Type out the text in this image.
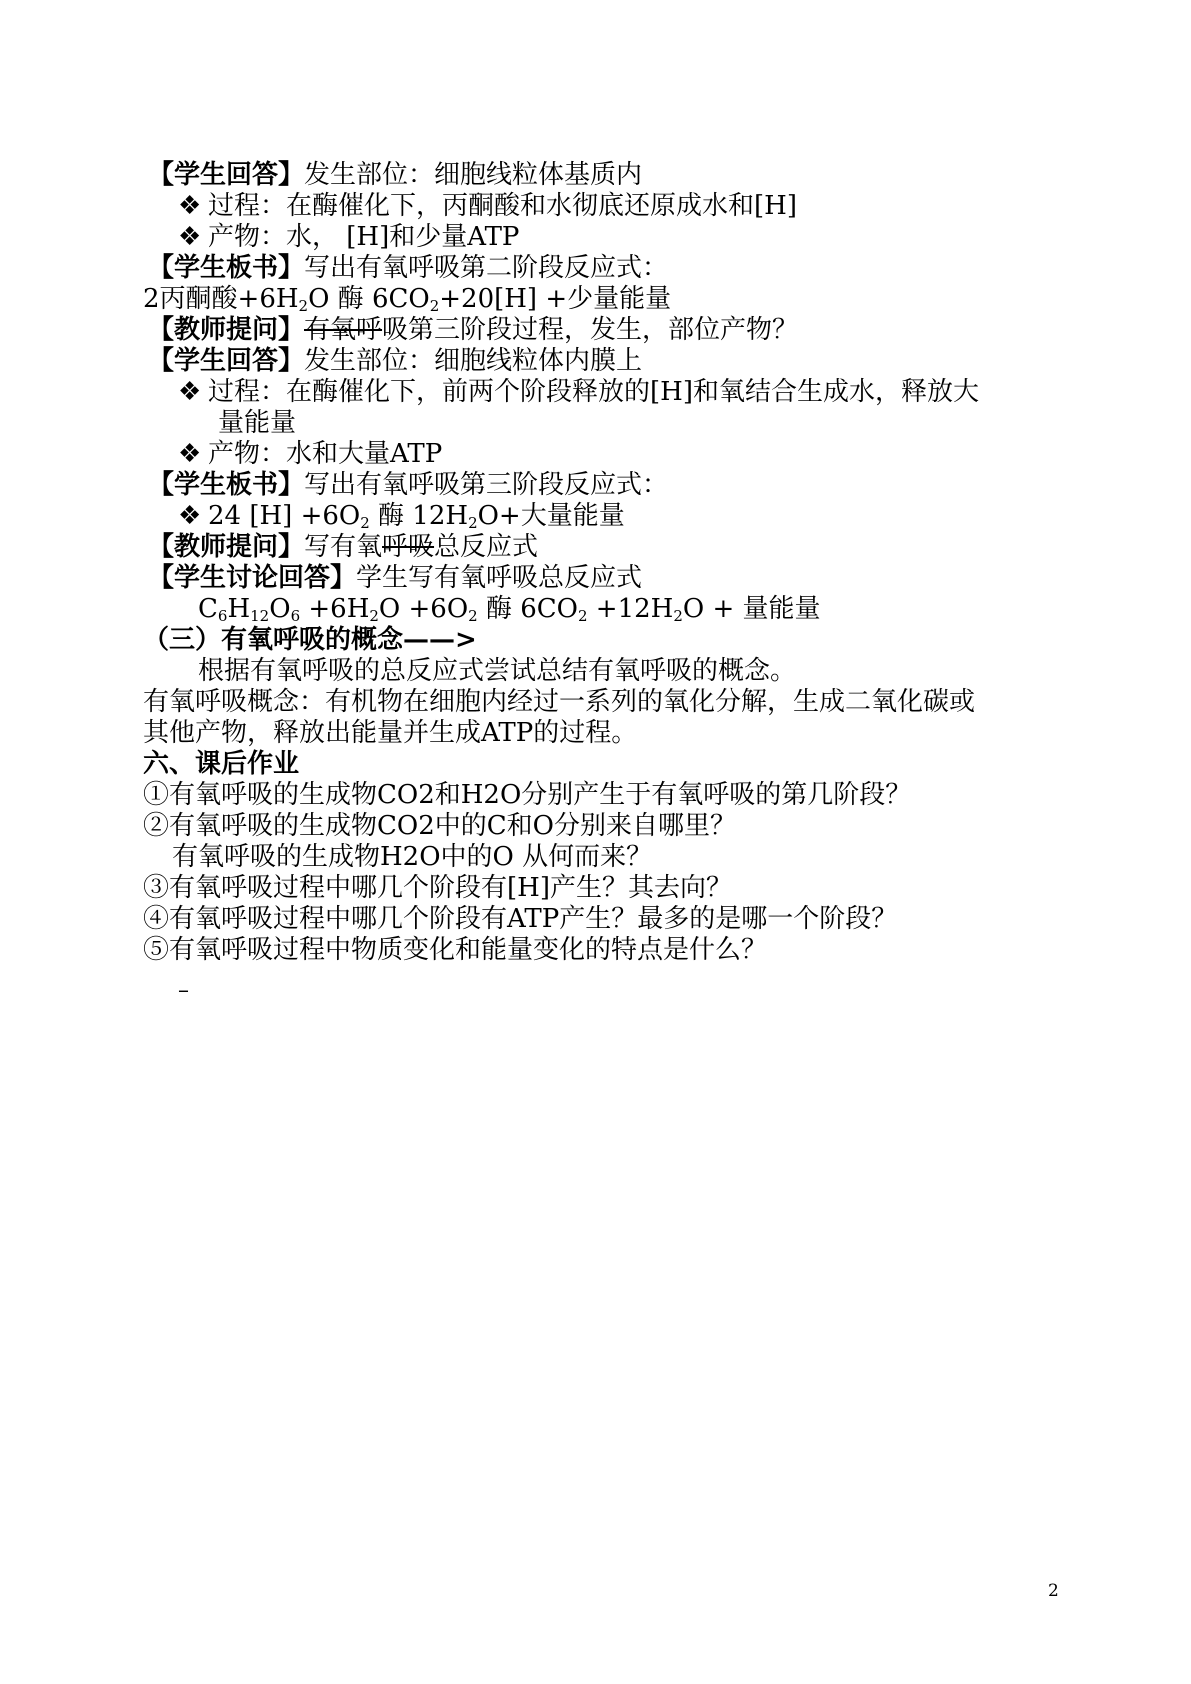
【学生回答】发生部位：细胞线粒体基质内
❖ 过程：在酶催化下，丙酮酸和水彻底还原成水和[H]
❖ 产物：水， [H]和少量ATP
【学生板书】写出有氧呼吸第二阶段反应式：
2丙酮酸$+6H_2O$ 酶 $6CO_2+20[H]$ +少量能量
【教师提问】有氧呼吸第三阶段过程，发生，部位产物？
【学生回答】发生部位：细胞线粒体内膜上
❖ 过程：在酶催化下，前两个阶段释放的[H]和氧结合生成水，释放大
量能量
❖ 产物：水和大量ATP
【学生板书】写出有氧呼吸第三阶段反应式：
❖ 24 $[H] +6O_2$ 酶 $12H_2O+$大量能量
【教师提问】写有氧呼吸总反应式
【学生讨论回答】学生写有氧呼吸总反应式
$C_6H_{12}O_6 +6H_2O +6O_2$ 酶 $6CO_2 +12H_2O$ + 量能量
（三）有氧呼吸的概念——>
根据有氧呼吸的总反应式尝试总结有氧呼吸的概念。
有氧呼吸概念：有机物在细胞内经过一系列的氧化分解，生成二氧化碳或
其他产物，释放出能量并生成ATP的过程。
六、课后作业
①有氧呼吸的生成物CO2和H2O分别产生于有氧呼吸的第几阶段？
②有氧呼吸的生成物CO2中的C和O分别来自哪里？
有氧呼吸的生成物H2O中的O 从何而来？
③有氧呼吸过程中哪几个阶段有[H]产生？其去向？
④有氧呼吸过程中哪几个阶段有ATP产生？最多的是哪一个阶段？
⑤有氧呼吸过程中物质变化和能量变化的特点是什么？
–
2
